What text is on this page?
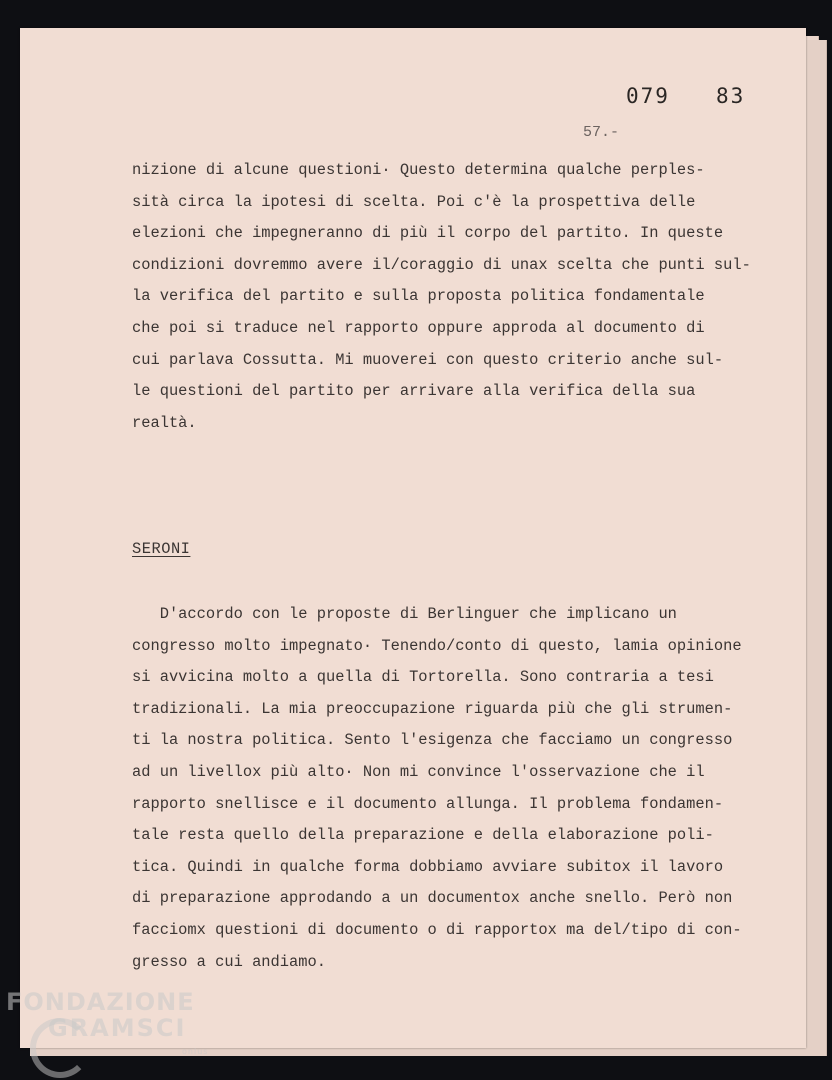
079 83
57.-
nizione di alcune questioni· Questo determina qualche perples-
sità circa la ipotesi di scelta. Poi c'è la prospettiva delle
elezioni che impegneranno di più il corpo del partito. In queste
condizioni dovremmo avere il/coraggio di unax scelta che punti sul-
la verifica del partito e sulla proposta politica fondamentale
che poi si traduce nel rapporto oppure approda al documento di
cui parlava Cossutta. Mi muoverei con questo criterio anche sul-
le questioni del partito per arrivare alla verifica della sua
realtà.
SERONI
D'accordo con le proposte di Berlinguer che implicano un
congresso molto impegnato· Tenendo/conto di questo, lamia opinione
si avvicina molto a quella di Tortorella. Sono contraria a tesi
tradizionali. La mia preoccupazione riguarda più che gli strumen-
ti la nostra politica. Sento l'esigenza che facciamo un congresso
ad un livellox più alto· Non mi convince l'osservazione che il
rapporto snellisce e il documento allunga. Il problema fondamen-
tale resta quello della preparazione e della elaborazione poli-
tica. Quindi in qualche forma dobbiamo avviare subitox il lavoro
di preparazione approdando a un documentox anche snello. Però non
facciomx questioni di documento o di rapportox ma del/tipo di con-
gresso a cui andiamo.
FONDAZIONE
GRAMSCI
onlus
